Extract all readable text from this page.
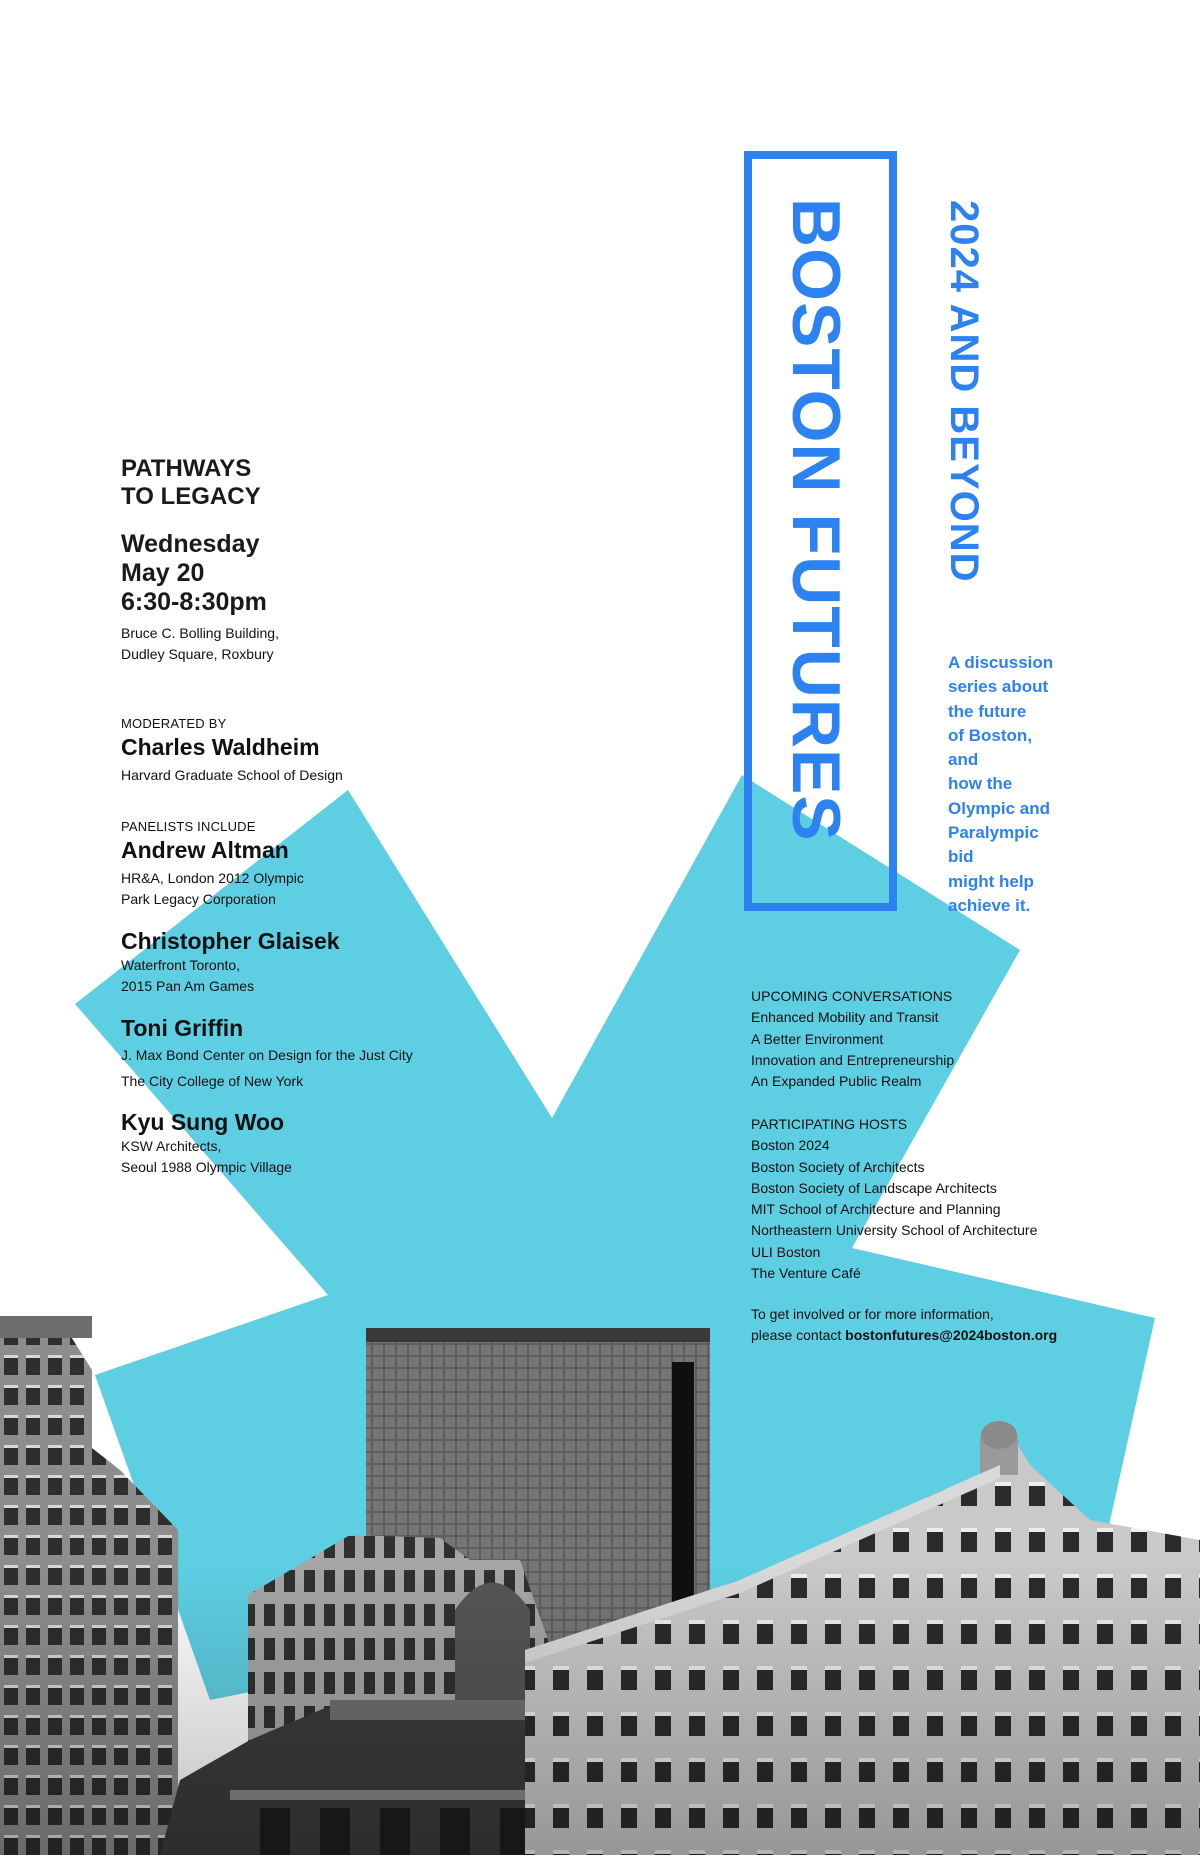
PATHWAYS
TO LEGACY
Wednesday
May 20
6:30-8:30pm
Bruce C. Bolling Building,
Dudley Square, Roxbury
MODERATED BY
Charles Waldheim
Harvard Graduate School of Design
PANELISTS INCLUDE
Andrew Altman
HR&A, London 2012 Olympic
Park Legacy Corporation
Christopher Glaisek
Waterfront Toronto,
2015 Pan Am Games
Toni Griffin
J. Max Bond Center on Design for the Just City
The City College of New York
Kyu Sung Woo
KSW Architects,
Seoul 1988 Olympic Village
BOSTON FUTURES 2024 AND BEYOND
A discussion
series about
the future
of Boston,
and
how the
Olympic and
Paralympic
bid
might help
achieve it.
UPCOMING CONVERSATIONS
Enhanced Mobility and Transit
A Better Environment
Innovation and Entrepreneurship
An Expanded Public Realm
PARTICIPATING HOSTS
Boston 2024
Boston Society of Architects
Boston Society of Landscape Architects
MIT School of Architecture and Planning
Northeastern University School of Architecture
ULI Boston
The Venture Café
To get involved or for more information,
please contact bostonfutures@2024boston.org
